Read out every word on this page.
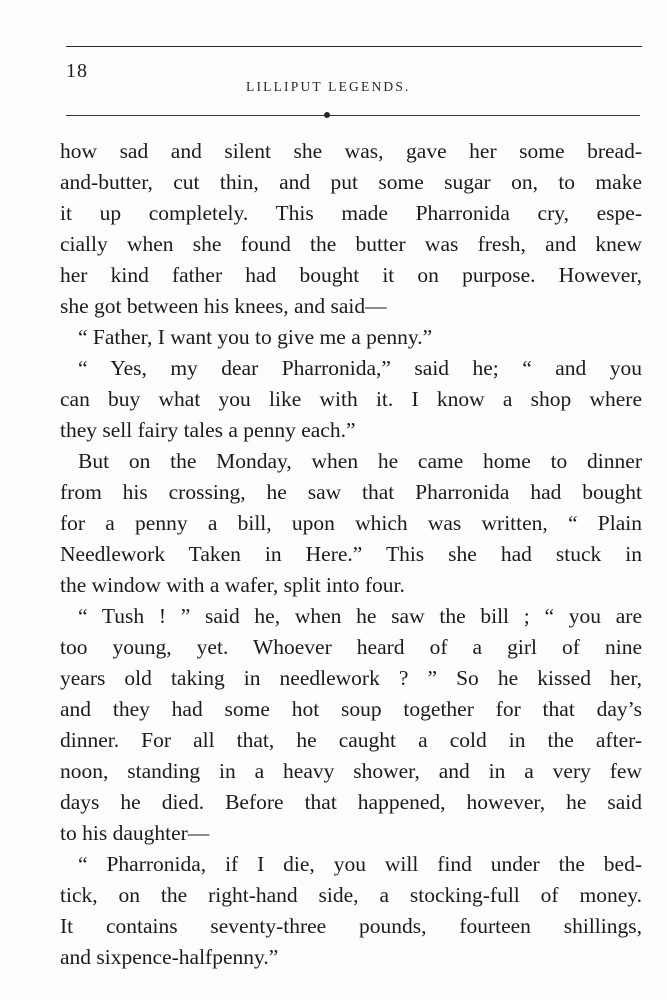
18
LILLIPUT LEGENDS.
how sad and silent she was, gave her some bread-
and-butter, cut thin, and put some sugar on, to make
it up completely. This made Pharronida cry, espe-
cially when she found the butter was fresh, and knew
her kind father had bought it on purpose. However,
she got between his knees, and said—
“ Father, I want you to give me a penny.”
“ Yes, my dear Pharronida,” said he; “ and you
can buy what you like with it. I know a shop where
they sell fairy tales a penny each.”
But on the Monday, when he came home to dinner
from his crossing, he saw that Pharronida had bought
for a penny a bill, upon which was written, “ Plain
Needlework Taken in Here.” This she had stuck in
the window with a wafer, split into four.
“ Tush ! ” said he, when he saw the bill ; “ you are
too young, yet. Whoever heard of a girl of nine
years old taking in needlework ? ” So he kissed her,
and they had some hot soup together for that day’s
dinner. For all that, he caught a cold in the after-
noon, standing in a heavy shower, and in a very few
days he died. Before that happened, however, he said
to his daughter—
“ Pharronida, if I die, you will find under the bed-
tick, on the right-hand side, a stocking-full of money.
It contains seventy-three pounds, fourteen shillings,
and sixpence-halfpenny.”
